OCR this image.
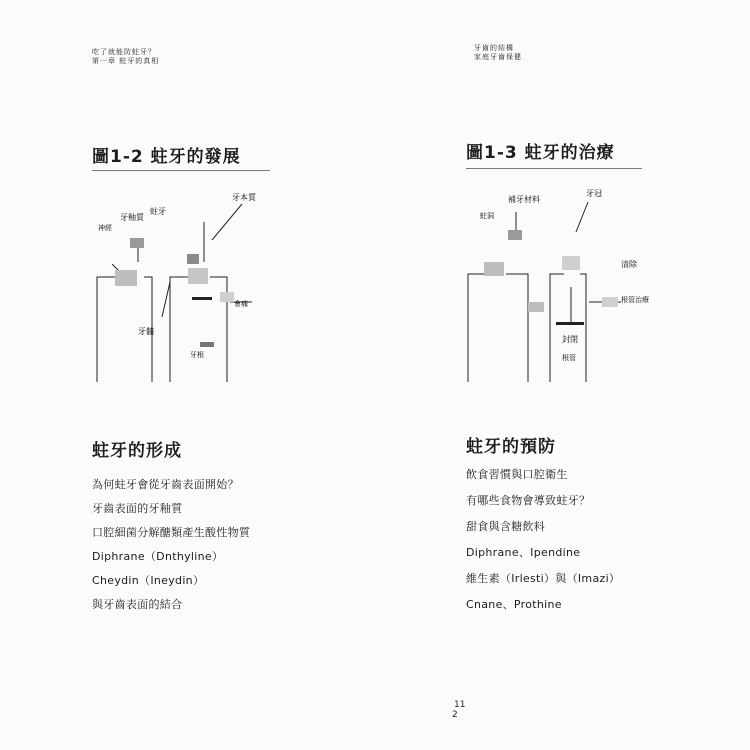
吃了就能防蛀牙？
第一章 蛀牙的真相
牙齒的結構
家庭牙齒保健
圖1-2 蛀牙的發展
牙釉質
蛀牙
牙本質
神經
會痛
牙髓
牙根
圖1-3 蛀牙的治療
補牙材料
牙冠
蛀洞
清除
根管治療
封閉
根管
蛀牙的形成
為何蛀牙會從牙齒表面開始？
牙齒表面的牙釉質
口腔細菌分解醣類產生酸性物質
Diphrane（Dnthyline）
Cheydin（Ineydin）
與牙齒表面的結合
蛀牙的預防
飲食習慣與口腔衛生
有哪些食物會導致蛀牙？
甜食與含糖飲料
Diphrane、Ipendine
維生素（Irlesti）與（Imazi）
Cnane、Prothine
11
2
